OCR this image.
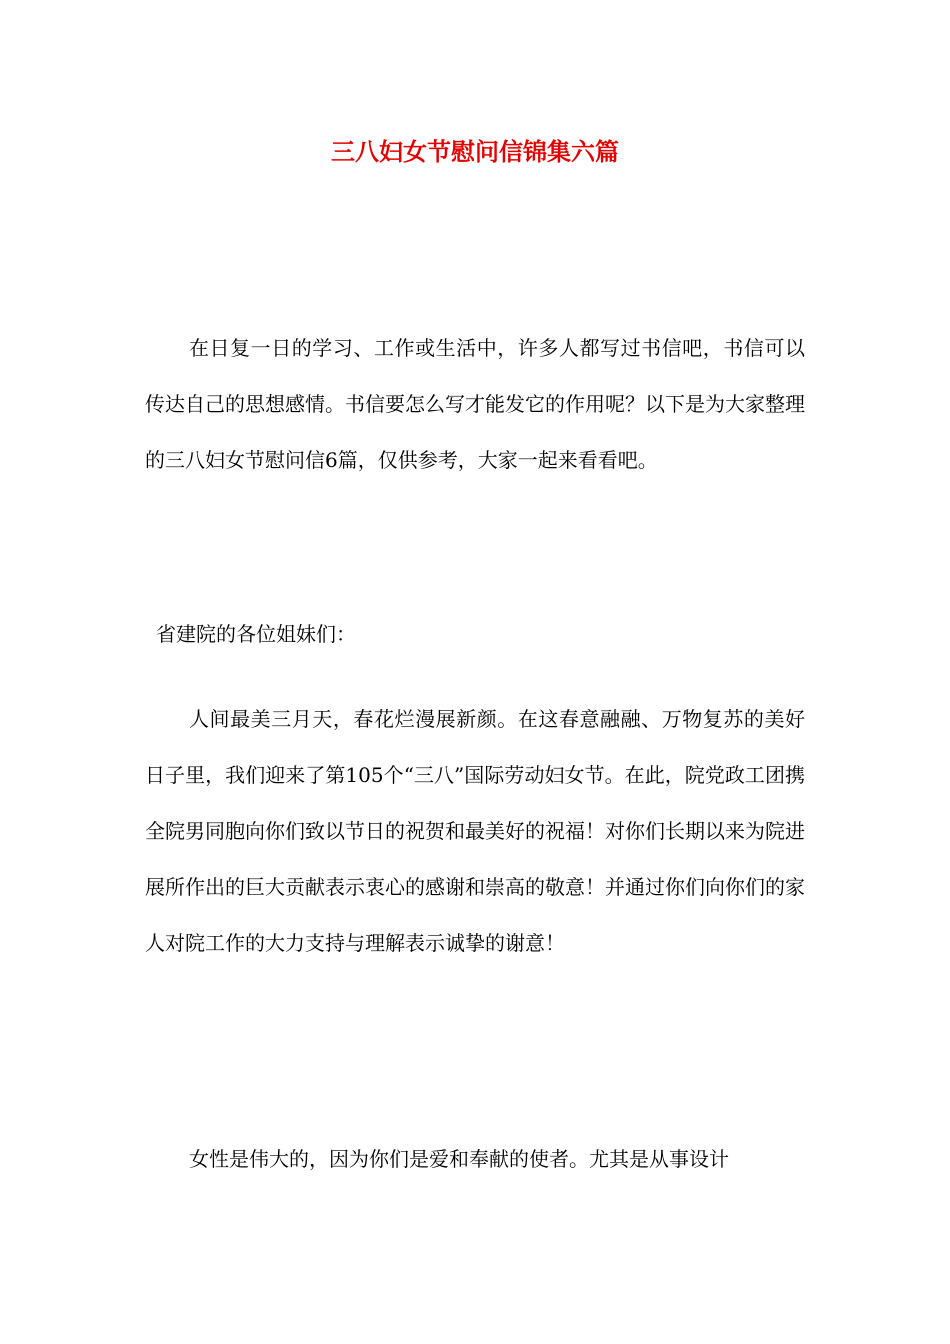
三八妇女节慰问信锦集六篇

在日复一日的学习、工作或生活中，许多人都写过书信吧，书信可以传达自己的思想感情。书信要怎么写才能发它的作用呢？以下是为大家整理的三八妇女节慰问信6篇，仅供参考，大家一起来看看吧。

省建院的各位姐妹们：

人间最美三月天，春花烂漫展新颜。在这春意融融、万物复苏的美好日子里，我们迎来了第105个“三八”国际劳动妇女节。在此，院党政工团携全院男同胞向你们致以节日的祝贺和最美好的祝福！对你们长期以来为院进展所作出的巨大贡献表示衷心的感谢和崇高的敬意！并通过你们向你们的家人对院工作的大力支持与理解表示诚挚的谢意！

女性是伟大的，因为你们是爱和奉献的使者。尤其是从事设计
